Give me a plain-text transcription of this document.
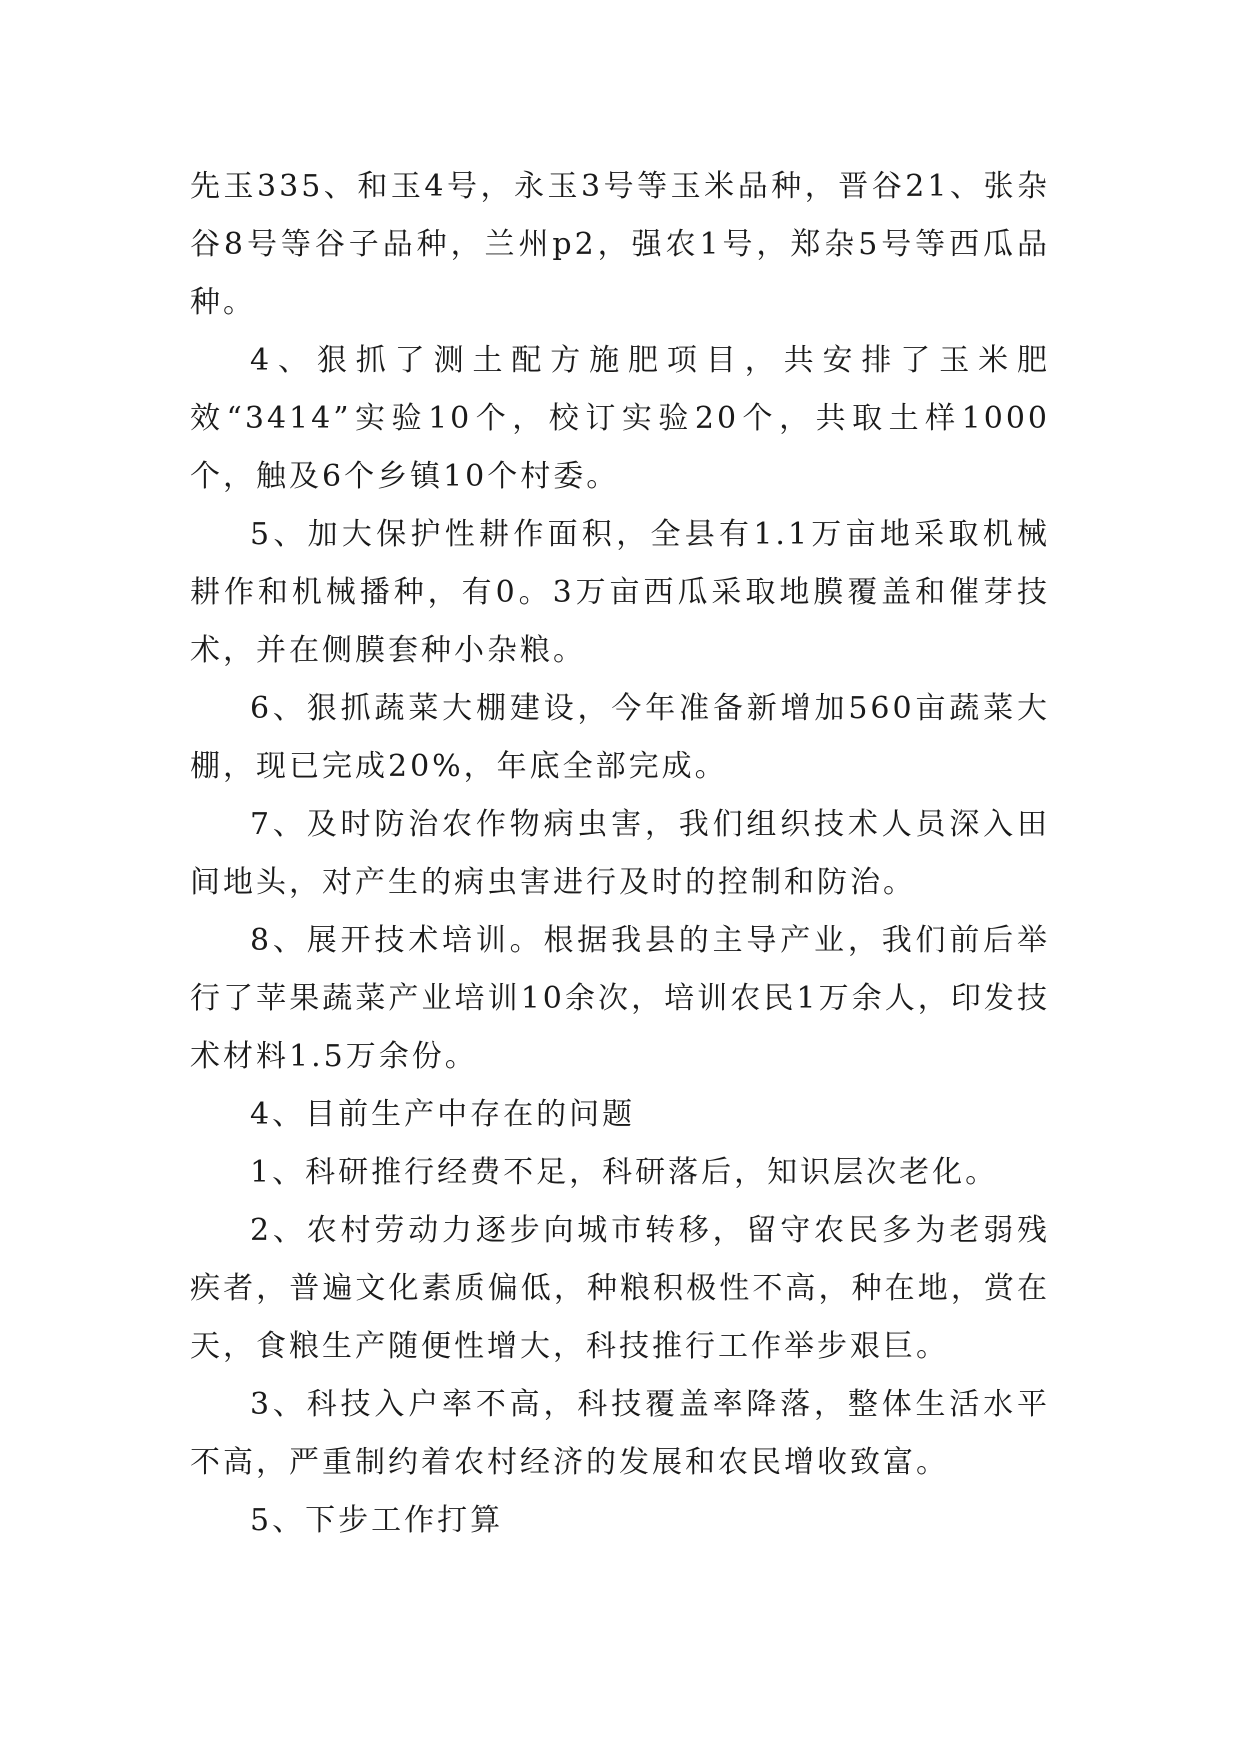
先玉335、和玉4号，永玉3号等玉米品种，晋谷21、张杂谷8号等谷子品种，兰州p2，强农1号，郑杂5号等西瓜品种。

4、狠抓了测土配方施肥项目，共安排了玉米肥效“3414”实验10个，校订实验20个，共取土样1000个，触及6个乡镇10个村委。

5、加大保护性耕作面积，全县有1.1万亩地采取机械耕作和机械播种，有0。3万亩西瓜采取地膜覆盖和催芽技术，并在侧膜套种小杂粮。

6、狠抓蔬菜大棚建设，今年准备新增加560亩蔬菜大棚，现已完成20%，年底全部完成。

7、及时防治农作物病虫害，我们组织技术人员深入田间地头，对产生的病虫害进行及时的控制和防治。

8、展开技术培训。根据我县的主导产业，我们前后举行了苹果蔬菜产业培训10余次，培训农民1万余人，印发技术材料1.5万余份。

4、目前生产中存在的问题

1、科研推行经费不足，科研落后，知识层次老化。

2、农村劳动力逐步向城市转移，留守农民多为老弱残疾者，普遍文化素质偏低，种粮积极性不高，种在地，赏在天，食粮生产随便性增大，科技推行工作举步艰巨。

3、科技入户率不高，科技覆盖率降落，整体生活水平不高，严重制约着农村经济的发展和农民增收致富。

5、下步工作打算
